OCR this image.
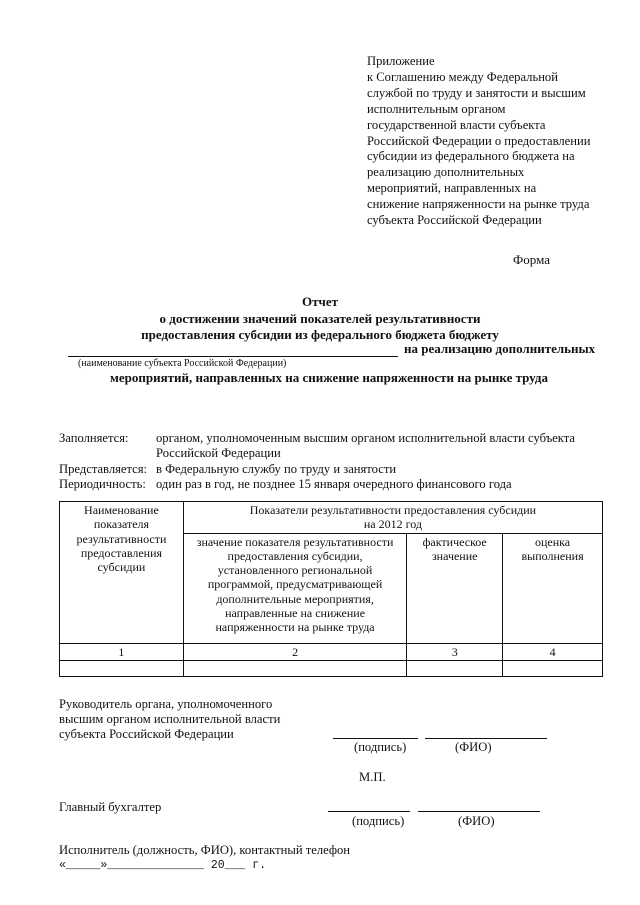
Приложение
к Соглашению между Федеральной
службой по труду и занятости и высшим
исполнительным органом
государственной власти субъекта
Российской Федерации о предоставлении
субсидии из федерального бюджета на
реализацию дополнительных
мероприятий, направленных на
снижение напряженности на рынке труда
субъекта Российской Федерации
Форма
Отчет
о достижении значений показателей результативности
предоставления субсидии из федерального бюджета бюджету
на реализацию дополнительных
(наименование субъекта Российской Федерации)
мероприятий, направленных на снижение напряженности на рынке труда
Заполняется: органом, уполномоченным высшим органом исполнительной власти субъекта
Российской Федерации
Представляется: в Федеральную службу по труду и занятости
Периодичность: один раз в год, не позднее 15 января очередного финансового года
Наименование показателя результативности предоставления субсидии	Показатели результативности предоставления субсидии
на 2012 год		

	значение показателя результативности предоставления субсидии, установленного региональной программой, предусматривающей дополнительные мероприятия, направленные на снижение напряженности на рынке труда	фактическое значение	оценка выполнения
1	2	3	4

Руководитель органа, уполномоченного
высшим органом исполнительной власти
субъекта Российской Федерации
(подпись)	(ФИО)
М.П.
Главный бухгалтер
(подпись)	(ФИО)
Исполнитель (должность, ФИО), контактный телефон
«_____»______________ 20___ г.
